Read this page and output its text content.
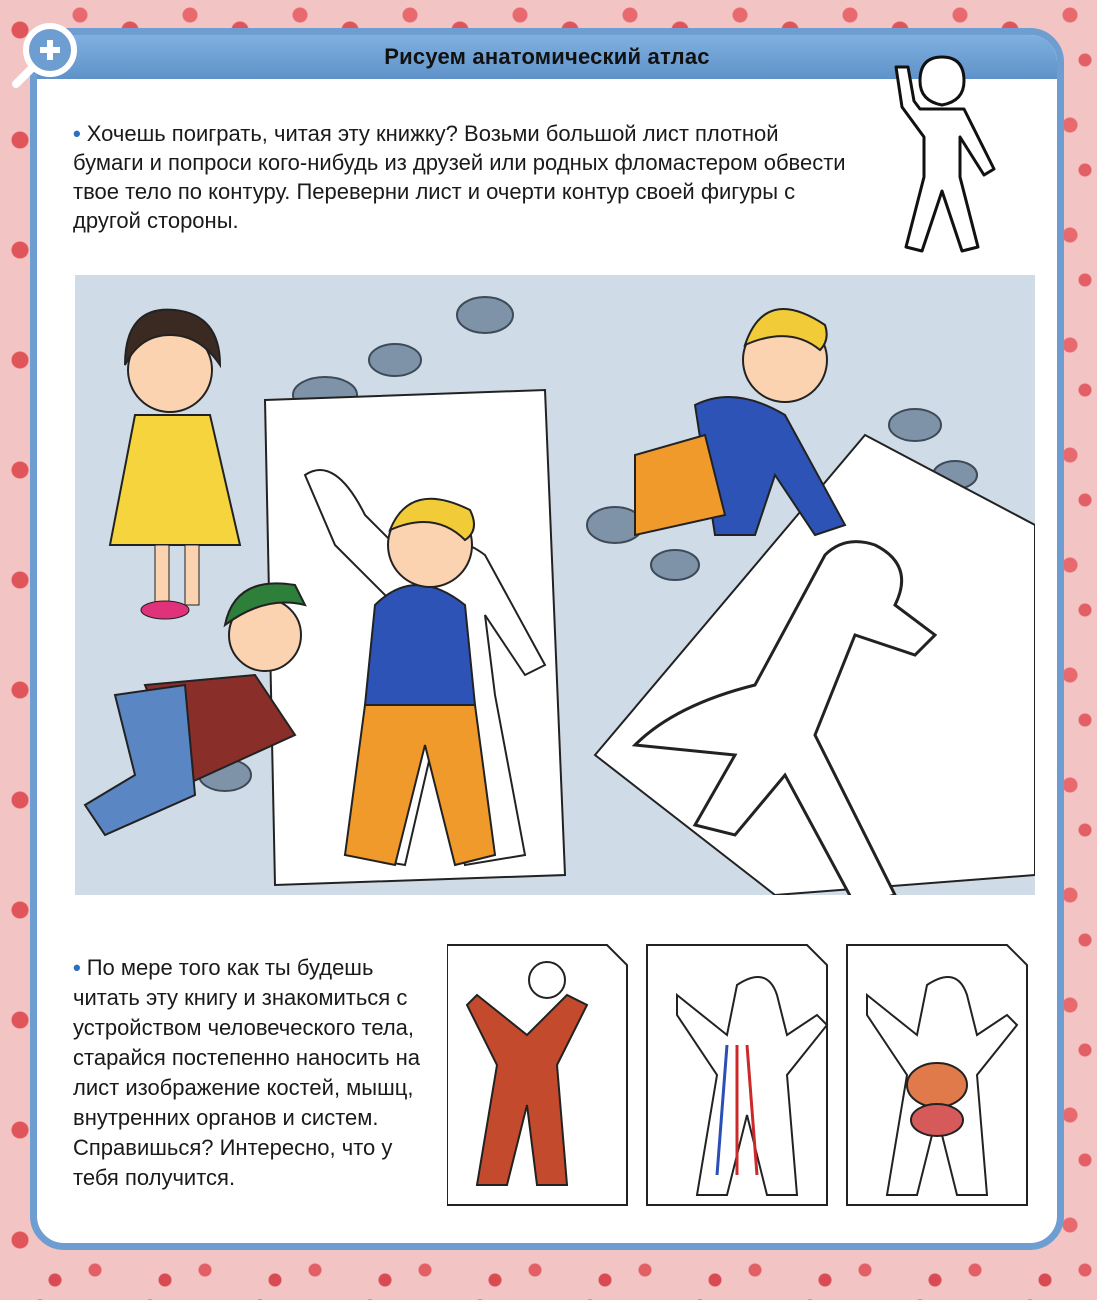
Рисуем анатомический атлас
• Хочешь поиграть, читая эту книжку? Возьми большой лист плотной бумаги и попроси кого-нибудь из друзей или родных фломастером обвести твое тело по контуру. Переверни лист и очерти контур своей фигуры с другой стороны.
• По мере того как ты будешь читать эту книгу и знакомиться с устройством человеческого тела, старайся постепенно наносить на лист изображение костей, мышц, внутренних органов и систем. Справишься? Интересно, что у тебя получится.
